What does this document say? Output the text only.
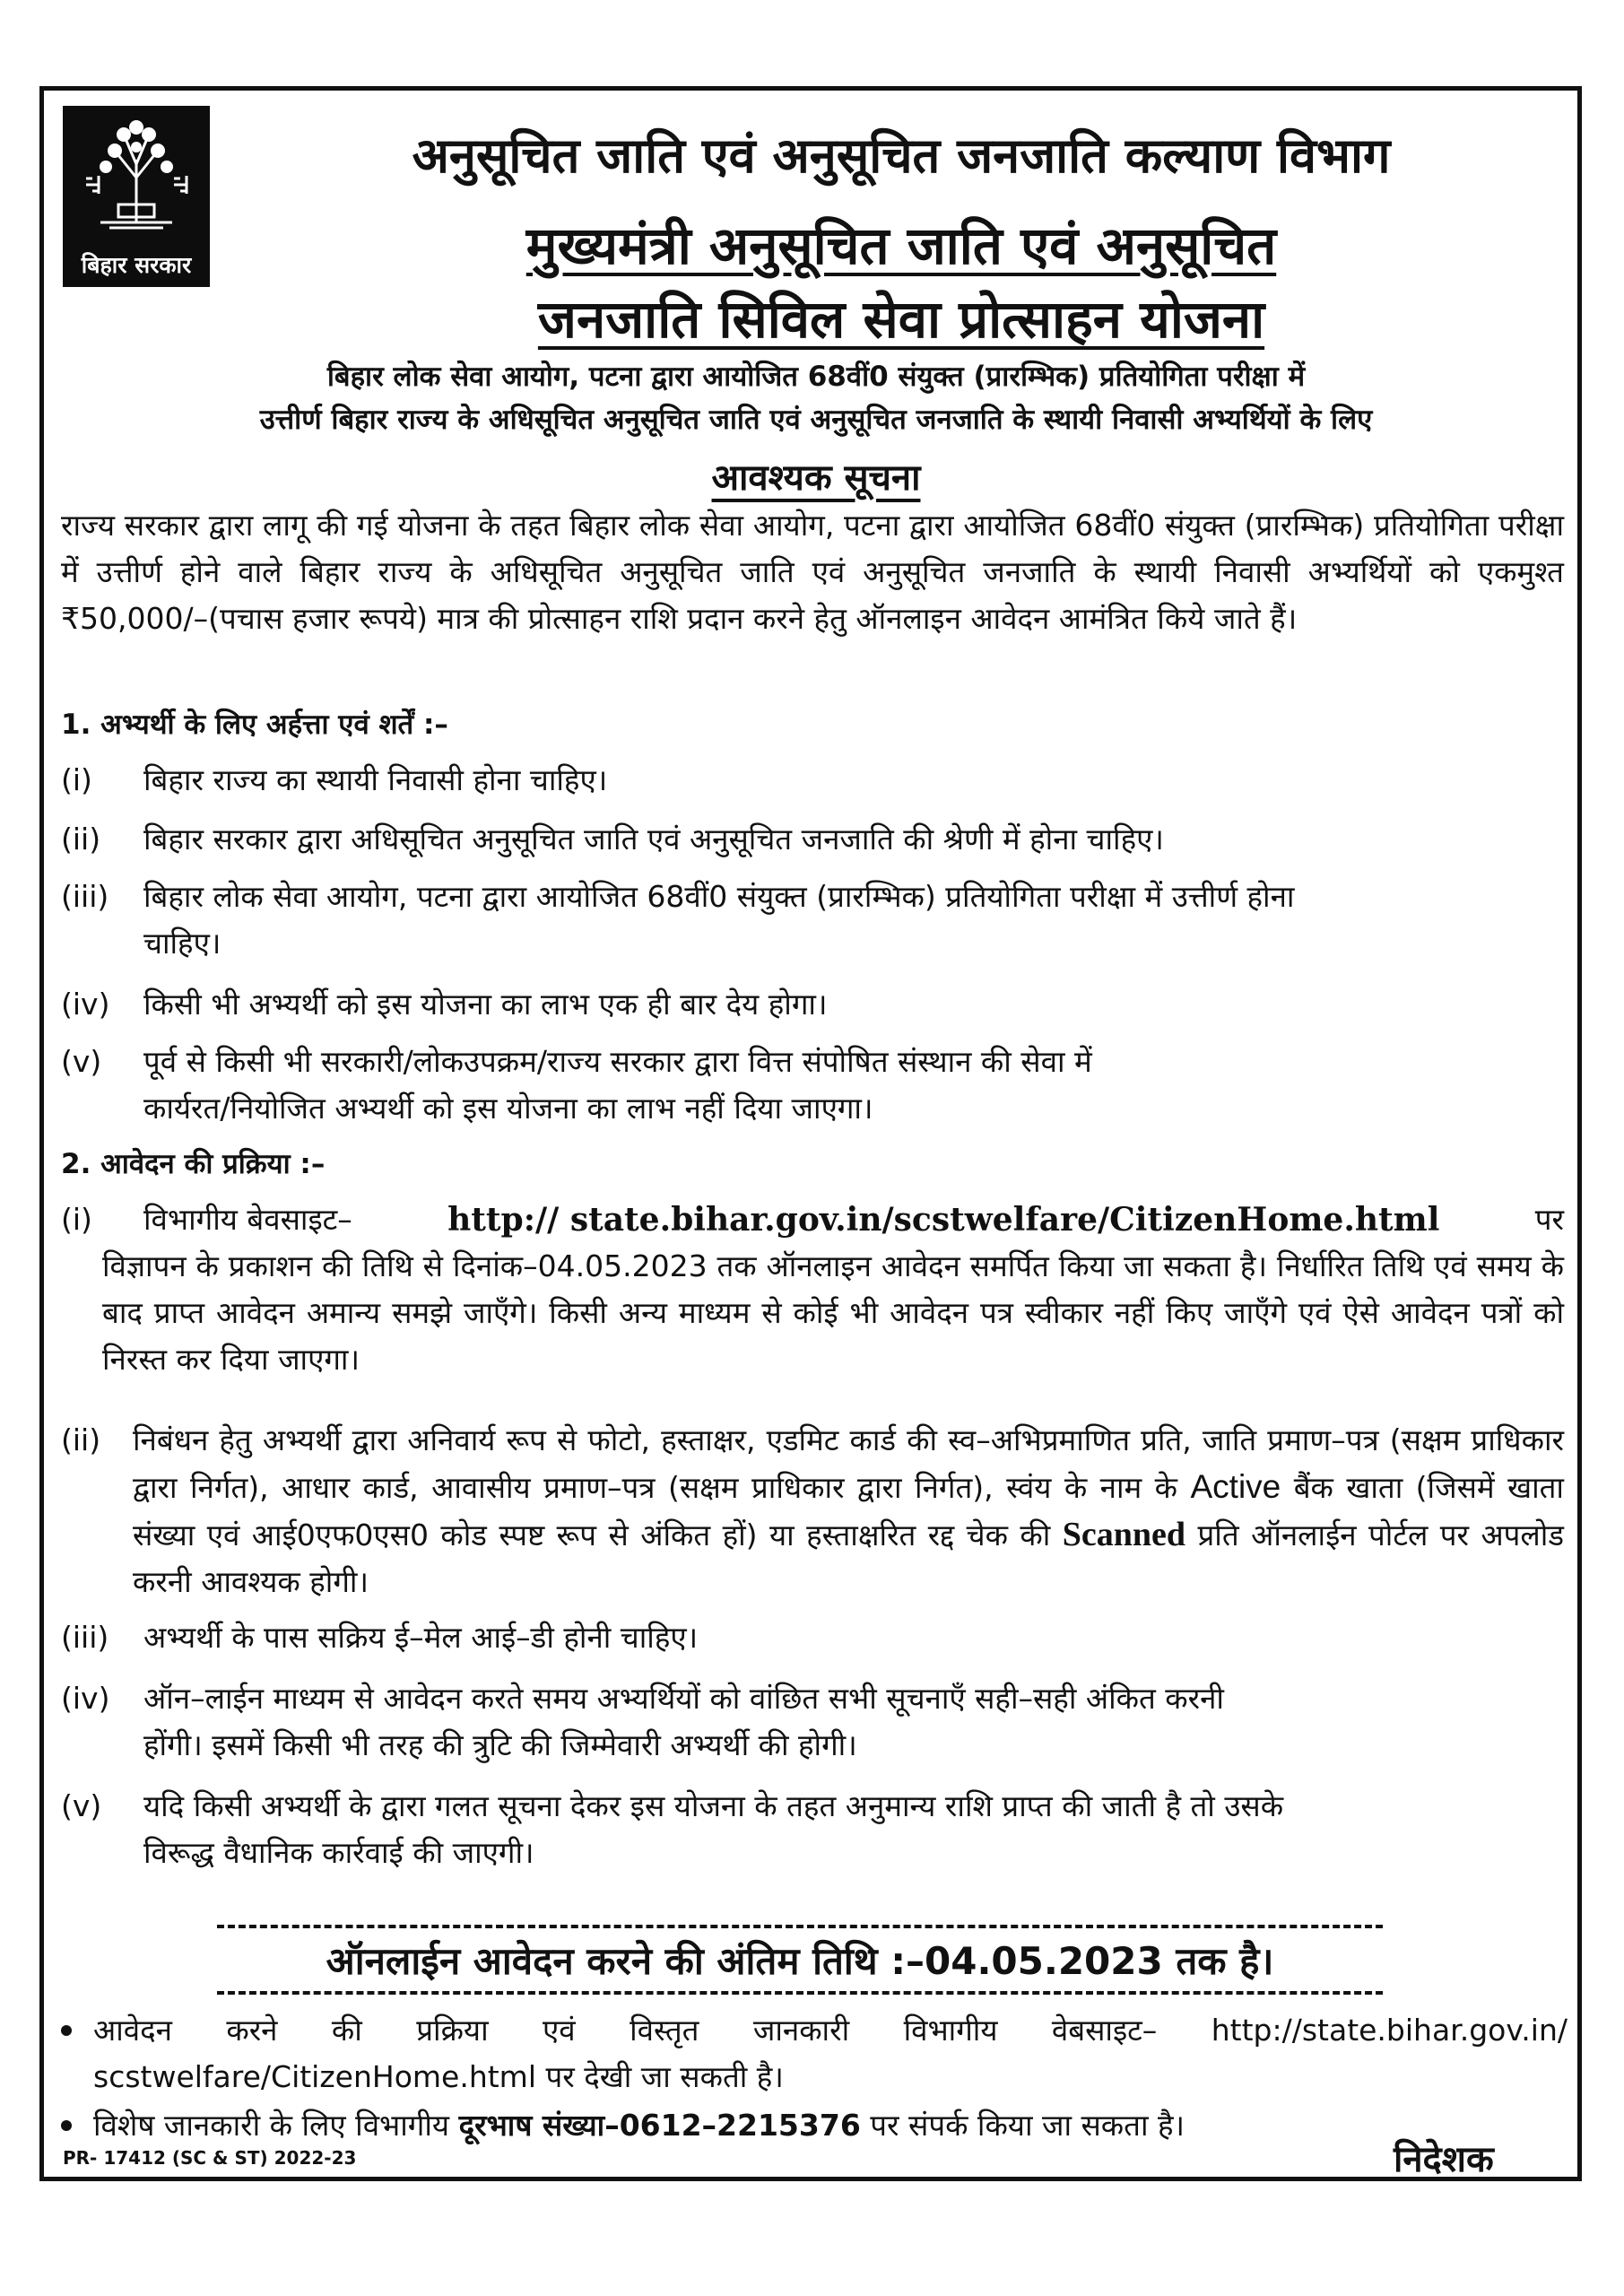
बिहार सरकार
अनुसूचित जाति एवं अनुसूचित जनजाति कल्याण विभाग
मुख्यमंत्री अनुसूचित जाति एवं अनुसूचित
जनजाति सिविल सेवा प्रोत्साहन योजना
बिहार लोक सेवा आयोग, पटना द्वारा आयोजित 68वीं0 संयुक्त (प्रारम्भिक) प्रतियोगिता परीक्षा में
उत्तीर्ण बिहार राज्य के अधिसूचित अनुसूचित जाति एवं अनुसूचित जनजाति के स्थायी निवासी अभ्यर्थियों के लिए
आवश्यक सूचना
राज्य सरकार द्वारा लागू की गई योजना के तहत बिहार लोक सेवा आयोग, पटना द्वारा आयोजित 68वीं0 संयुक्त (प्रारम्भिक) प्रतियोगिता परीक्षा में उत्तीर्ण होने वाले बिहार राज्य के अधिसूचित अनुसूचित जाति एवं अनुसूचित जनजाति के स्थायी निवासी अभ्यर्थियों को एकमुश्त ₹50,000/–(पचास हजार रूपये) मात्र की प्रोत्साहन राशि प्रदान करने हेतु ऑनलाइन आवेदन आमंत्रित किये जाते हैं।
1. अभ्यर्थी के लिए अर्हत्ता एवं शर्तें :–
(i) बिहार राज्य का स्थायी निवासी होना चाहिए।
(ii) बिहार सरकार द्वारा अधिसूचित अनुसूचित जाति एवं अनुसूचित जनजाति की श्रेणी में होना चाहिए।
(iii) बिहार लोक सेवा आयोग, पटना द्वारा आयोजित 68वीं0 संयुक्त (प्रारम्भिक) प्रतियोगिता परीक्षा में उत्तीर्ण होना
चाहिए।
(iv) किसी भी अभ्यर्थी को इस योजना का लाभ एक ही बार देय होगा।
(v) पूर्व से किसी भी सरकारी/लोकउपक्रम/राज्य सरकार द्वारा वित्त संपोषित संस्थान की सेवा में
कार्यरत/नियोजित अभ्यर्थी को इस योजना का लाभ नहीं दिया जाएगा।
2. आवेदन की प्रक्रिया :–
(i) विभागीय बेवसाइट–	http:// state.bihar.gov.in/scstwelfare/CitizenHome.html	पर
विज्ञापन के प्रकाशन की तिथि से दिनांक–04.05.2023 तक ऑनलाइन आवेदन समर्पित किया जा सकता है। निर्धारित तिथि एवं समय के बाद प्राप्त आवेदन अमान्य समझे जाएँगे। किसी अन्य माध्यम से कोई भी आवेदन पत्र स्वीकार नहीं किए जाएँगे एवं ऐसे आवेदन पत्रों को निरस्त कर दिया जाएगा।
(ii) निबंधन हेतु अभ्यर्थी द्वारा अनिवार्य रूप से फोटो, हस्ताक्षर, एडमिट कार्ड की स्व–अभिप्रमाणित प्रति, जाति प्रमाण–पत्र (सक्षम प्राधिकार द्वारा निर्गत), आधार कार्ड, आवासीय प्रमाण–पत्र (सक्षम प्राधिकार द्वारा निर्गत), स्वंय के नाम के Active बैंक खाता (जिसमें खाता संख्या एवं आई0एफ0एस0 कोड स्पष्ट रूप से अंकित हों) या हस्ताक्षरित रद्द चेक की Scanned प्रति ऑनलाईन पोर्टल पर अपलोड करनी आवश्यक होगी।
(iii) अभ्यर्थी के पास सक्रिय ई–मेल आई–डी होनी चाहिए।
(iv) ऑन–लाईन माध्यम से आवेदन करते समय अभ्यर्थियों को वांछित सभी सूचनाएँ सही–सही अंकित करनी
होंगी। इसमें किसी भी तरह की त्रुटि की जिम्मेवारी अभ्यर्थी की होगी।
(v) यदि किसी अभ्यर्थी के द्वारा गलत सूचना देकर इस योजना के तहत अनुमान्य राशि प्राप्त की जाती है तो उसके
विरूद्ध वैधानिक कार्रवाई की जाएगी।
ऑनलाईन आवेदन करने की अंतिम तिथि :–04.05.2023 तक है।
आवेदन करने की प्रक्रिया एवं विस्तृत जानकारी विभागीय वेबसाइट– http://state.bihar.gov.in/ scstwelfare/CitizenHome.html पर देखी जा सकती है।
विशेष जानकारी के लिए विभागीय दूरभाष संख्या–0612–2215376 पर संपर्क किया जा सकता है।
PR- 17412 (SC & ST) 2022-23	निदेशक
